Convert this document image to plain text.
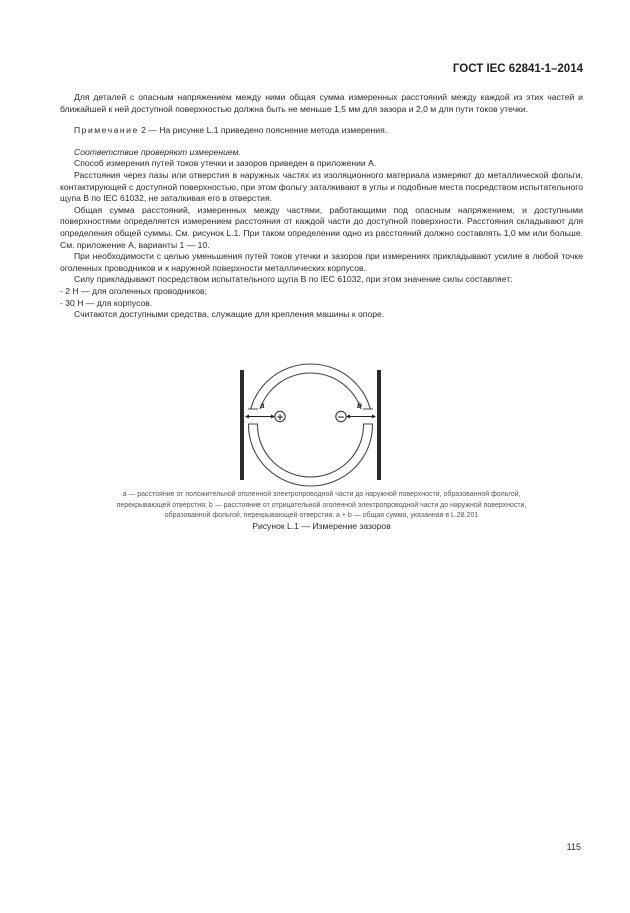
ГОСТ IEC 62841-1–2014

Для деталей с опасным напряжением между ними общая сумма измеренных расстояний между каждой из этих частей и ближайшей к ней доступной поверхностью должна быть не меньше 1,5 мм для зазора и 2,0 м для пути токов утечки.

Примечание 2 — На рисунке L.1 приведено пояснение метода измерения.

Соответствие проверяют измерением.

Способ измерения путей токов утечки и зазоров приведен в приложении А.

Расстояния через пазы или отверстия в наружных частях из изоляционного материала измеряют до металлической фольги, контактирующей с доступной поверхностью, при этом фольгу заталкивают в углы и подобные места посредством испытательного щупа В по IEC 61032, не заталкивая его в отверстия.

Общая сумма расстояний, измеренных между частями, работающими под опасным напряжением, и доступными поверхностями определяется измерением расстояния от каждой части до доступной поверхности. Расстояния складывают для определения общей суммы. См. рисунок L.1. При таком определении одно из расстояний должно составлять 1,0 мм или больше. См. приложение А, варианты 1 — 10.

При необходимости с целью уменьшения путей токов утечки и зазоров при измерениях прикладывают усилие в любой точке оголенных проводников и к наружной поверхности металлических корпусов.

Силу прикладывают посредством испытательного щупа В по IEC 61032, при этом значение силы составляет:

- 2 Н — для оголенных проводников;

- 30 Н — для корпусов.

Считаются доступными средства, служащие для крепления машины к опоре.

+	−
a	b
a — расстояние от положительной оголенной электропроводной части до наружной поверхности, образованной фольгой,
перекрывающей отверстия; b — расстояние от отрицательной оголенной электропроводной части до наружной поверхности,
образованной фольгой, перекрывающей отверстия; a + b — общая сумма, указанная в L.28.201
Рисунок L.1 — Измерение зазоров
115
